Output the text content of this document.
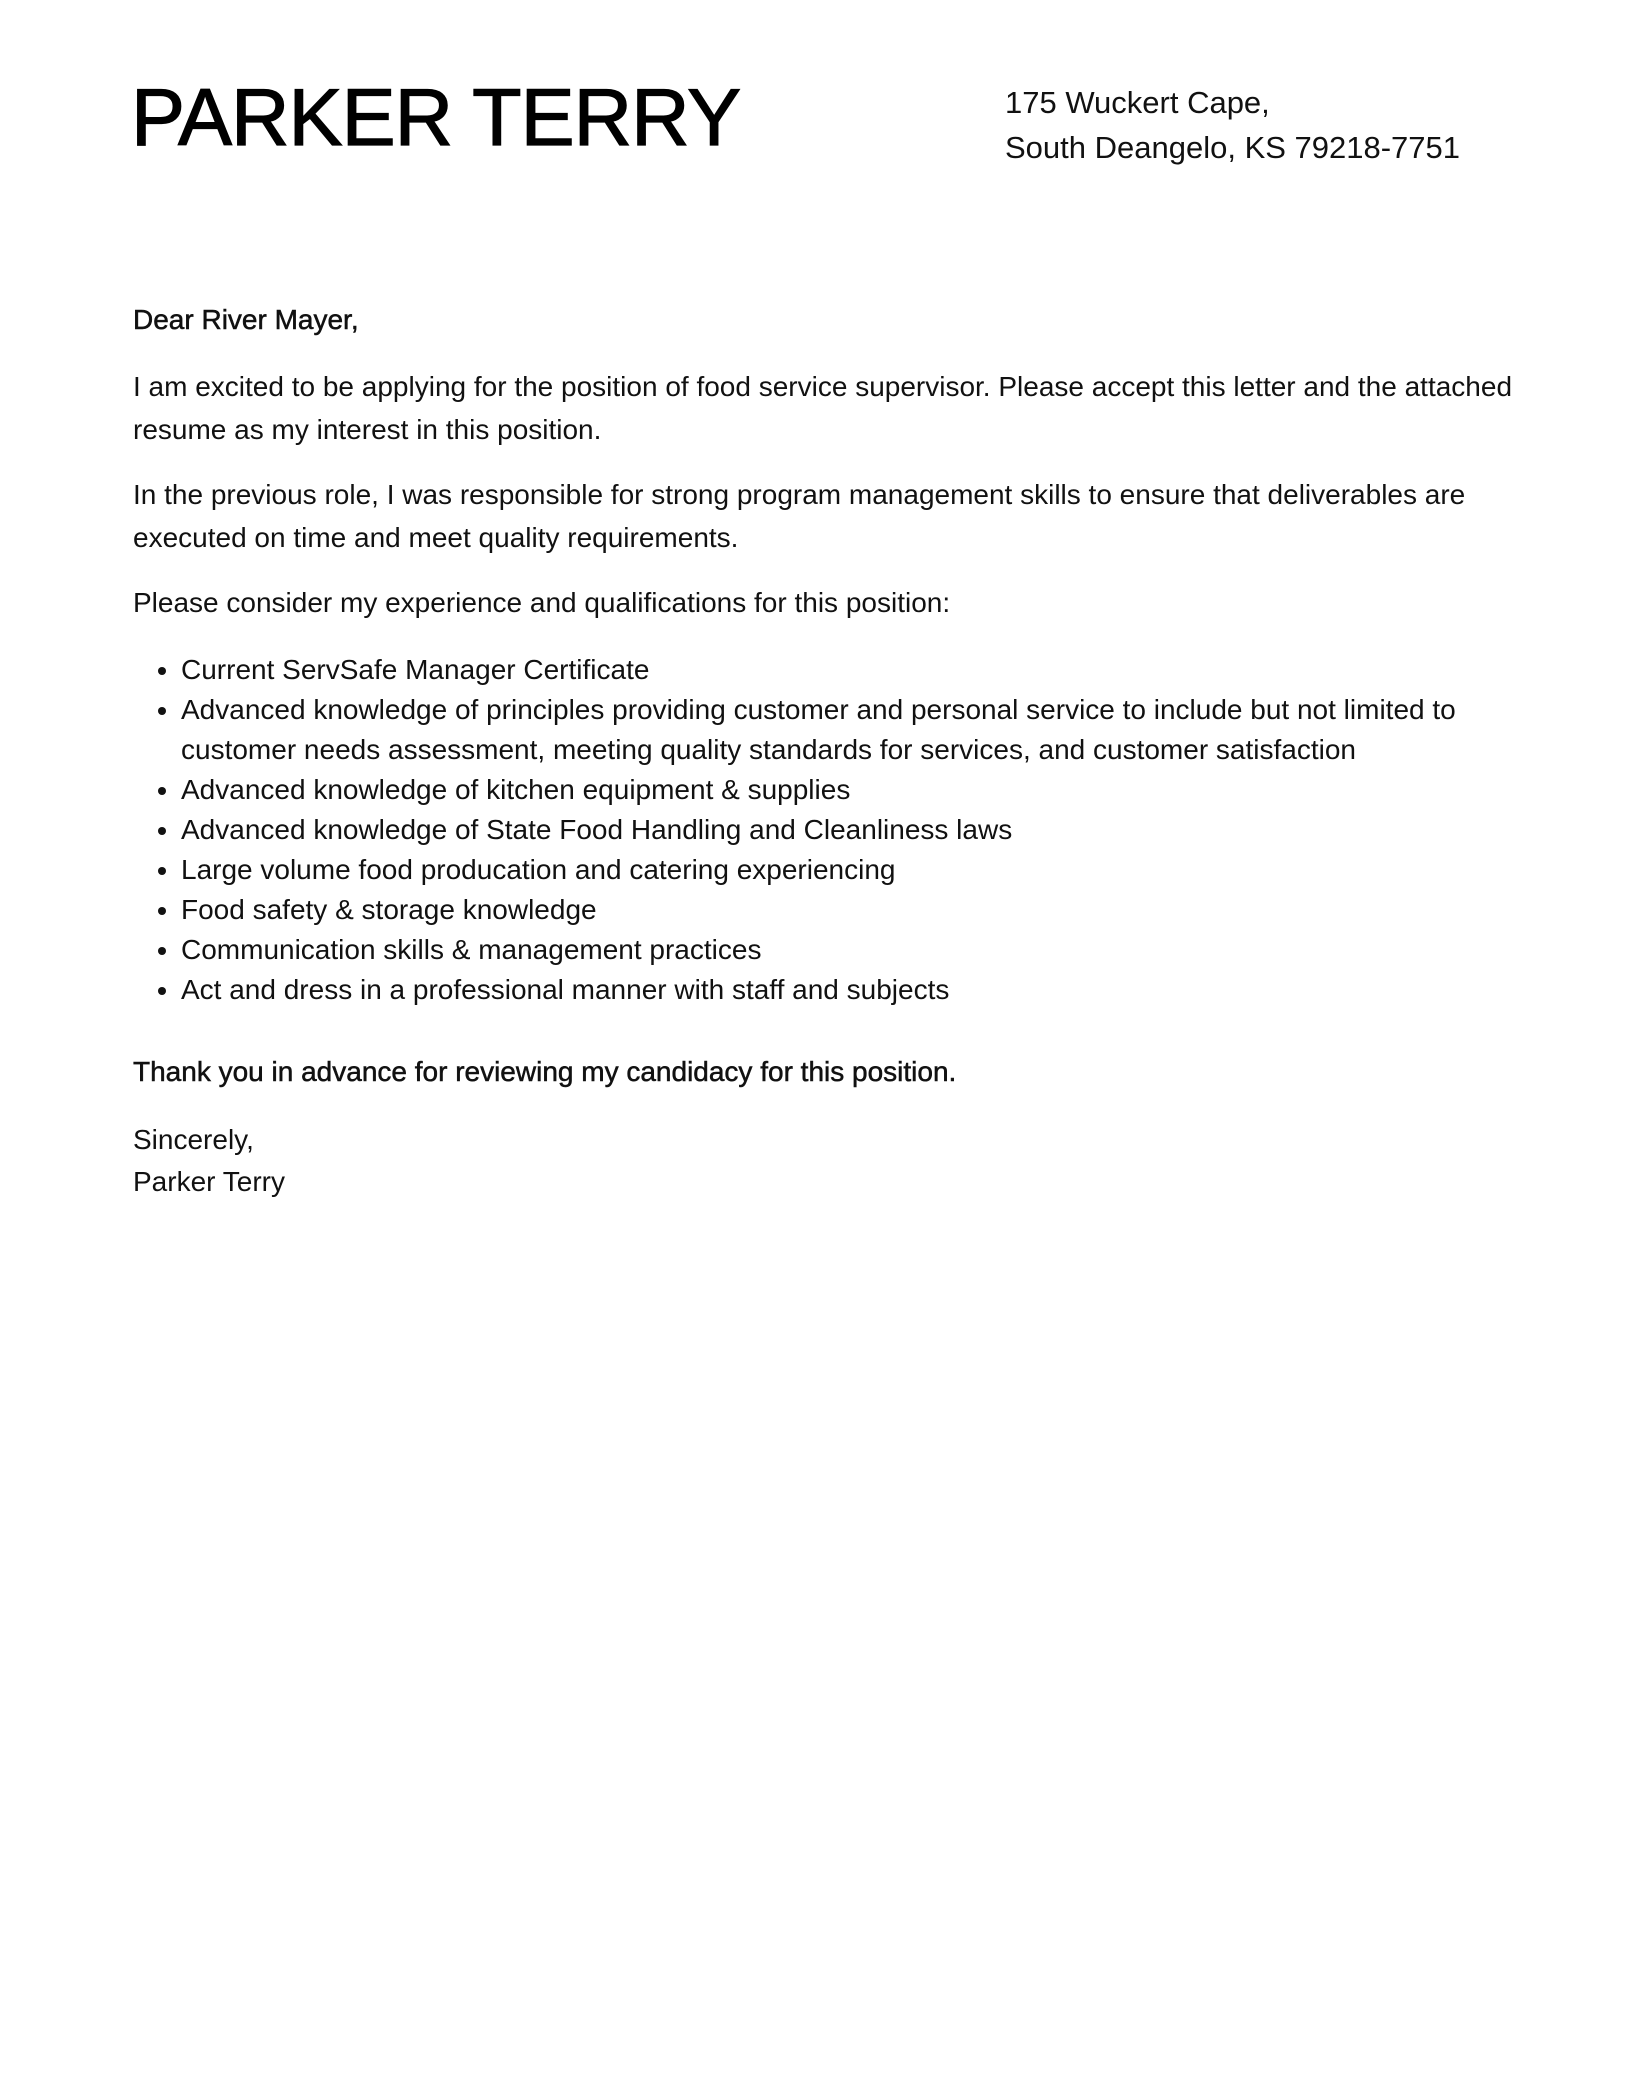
PARKER TERRY	175 Wuckert Cape,
South Deangelo, KS 79218-7751
Dear River Mayer,

I am excited to be applying for the position of food service supervisor. Please accept this letter and the attached resume as my interest in this position.

In the previous role, I was responsible for strong program management skills to ensure that deliverables are executed on time and meet quality requirements.

Please consider my experience and qualifications for this position:

• Current ServSafe Manager Certificate
• Advanced knowledge of principles providing customer and personal service to include but not limited to customer needs assessment, meeting quality standards for services, and customer satisfaction
• Advanced knowledge of kitchen equipment & supplies
• Advanced knowledge of State Food Handling and Cleanliness laws
• Large volume food producation and catering experiencing
• Food safety & storage knowledge
• Communication skills & management practices
• Act and dress in a professional manner with staff and subjects
Thank you in advance for reviewing my candidacy for this position.
Sincerely,
Parker Terry
